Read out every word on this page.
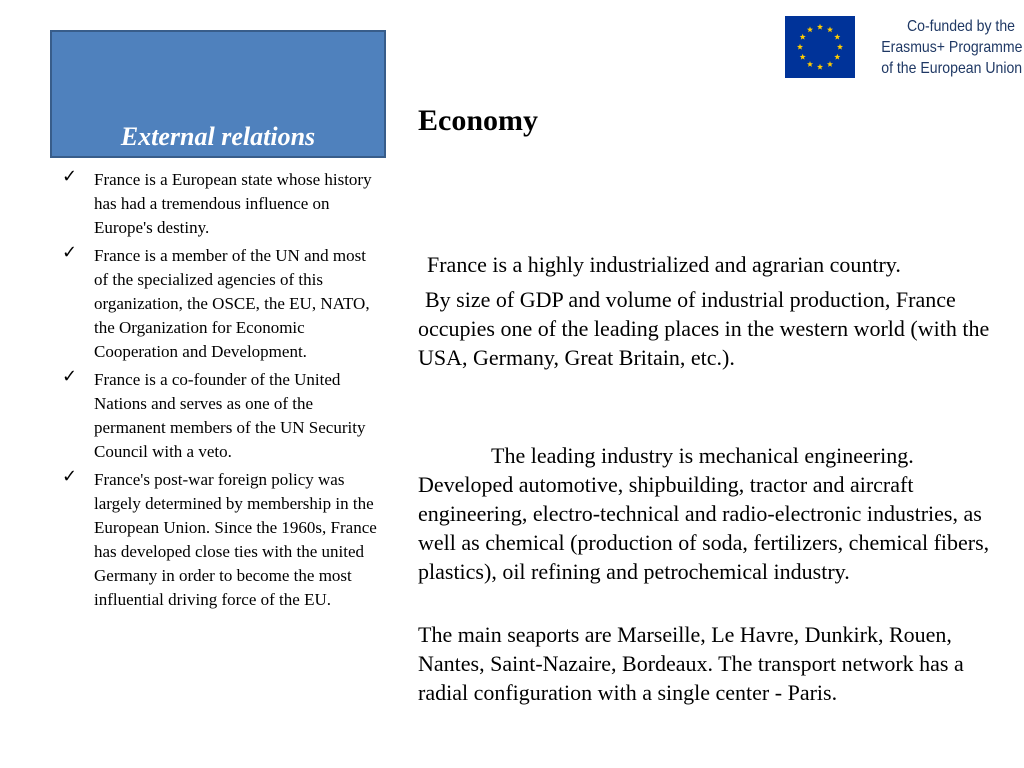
External relations
✓ France is a European state whose history has had a tremendous influence on Europe's destiny.
✓ France is a member of the UN and most of the specialized agencies of this organization, the OSCE, the EU, NATO, the Organization for Economic Cooperation and Development.
✓ France is a co-founder of the United Nations and serves as one of the permanent members of the UN Security Council with a veto.
✓ France's post-war foreign policy was largely determined by membership in the European Union. Since the 1960s, France has developed close ties with the united Germany in order to become the most influential driving force of the EU.
Economy
France is a highly industrialized and agrarian country.
By size of GDP and volume of industrial production, France occupies one of the leading places in the western world (with the USA, Germany, Great Britain, etc.).
The leading industry is mechanical engineering. Developed automotive, shipbuilding, tractor and aircraft engineering, electro-technical and radio-electronic industries, as well as chemical (production of soda, fertilizers, chemical fibers, plastics), oil refining and petrochemical industry.
The main seaports are Marseille, Le Havre, Dunkirk, Rouen, Nantes, Saint-Nazaire, Bordeaux. The transport network has a radial configuration with a single center - Paris.
Co-funded by the
Erasmus+ Programme
of the European Union
